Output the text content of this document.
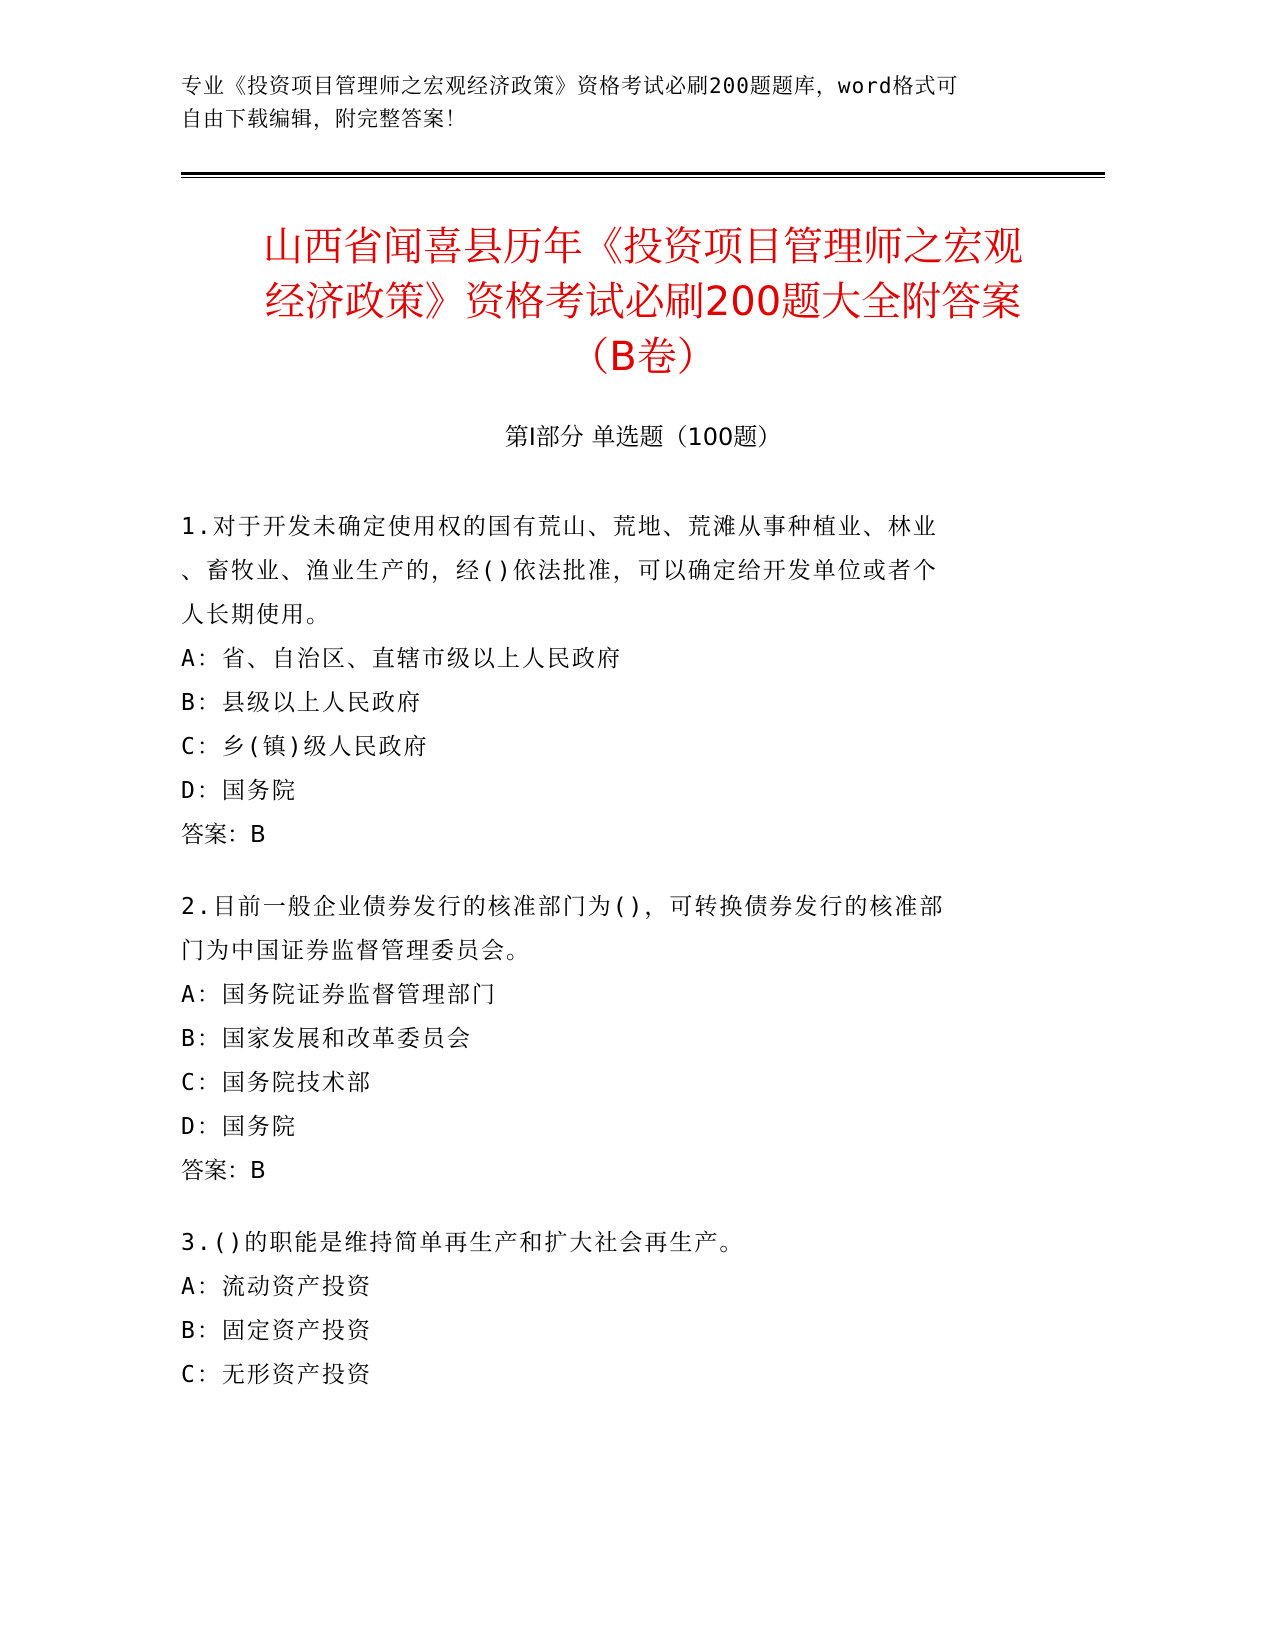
专业《投资项目管理师之宏观经济政策》资格考试必刷200题题库，word格式可
自由下载编辑，附完整答案！
山西省闻喜县历年《投资项目管理师之宏观
经济政策》资格考试必刷200题大全附答案
（B卷）
第Ⅰ部分 单选题（100题）
1.对于开发未确定使用权的国有荒山、荒地、荒滩从事种植业、林业
、畜牧业、渔业生产的，经()依法批准，可以确定给开发单位或者个
人长期使用。
A：省、自治区、直辖市级以上人民政府
B：县级以上人民政府
C：乡(镇)级人民政府
D：国务院
答案：B
2.目前一般企业债券发行的核准部门为()，可转换债券发行的核准部
门为中国证券监督管理委员会。
A：国务院证券监督管理部门
B：国家发展和改革委员会
C：国务院技术部
D：国务院
答案：B
3.()的职能是维持简单再生产和扩大社会再生产。
A：流动资产投资
B：固定资产投资
C：无形资产投资
